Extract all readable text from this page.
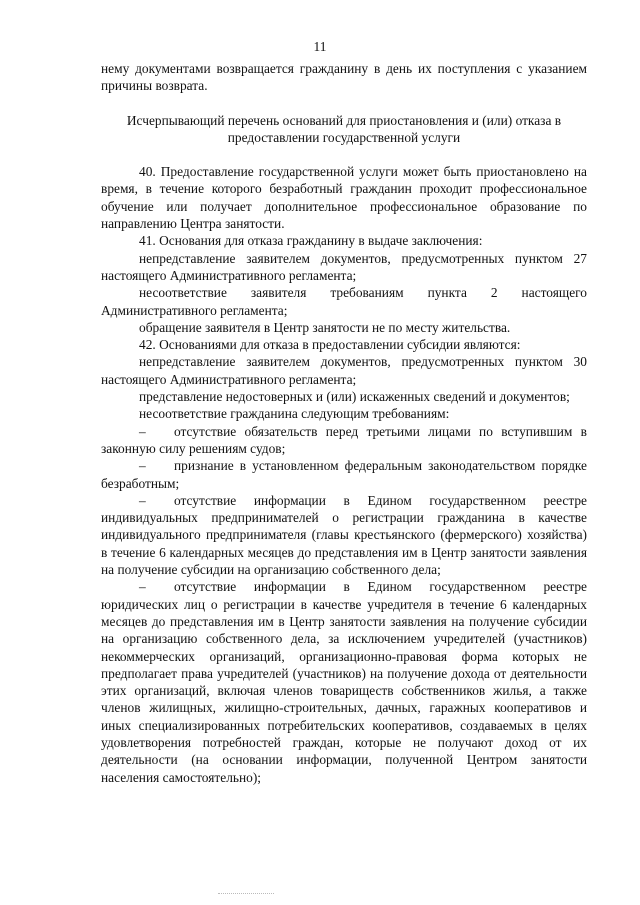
11

нему документами возвращается гражданину в день их поступления с указанием причины возврата.

Исчерпывающий перечень оснований для приостановления и (или) отказа в предоставлении государственной услуги

40. Предоставление государственной услуги может быть приостановлено на время, в течение которого безработный гражданин проходит профессиональное обучение или получает дополнительное профессиональное образование по направлению Центра занятости.

41. Основания для отказа гражданину в выдаче заключения:

непредставление заявителем документов, предусмотренных пунктом 27 настоящего Административного регламента;

несоответствие заявителя требованиям пункта 2 настоящего Административного регламента;

обращение заявителя в Центр занятости не по месту жительства.

42. Основаниями для отказа в предоставлении субсидии являются:

непредставление заявителем документов, предусмотренных пунктом 30 настоящего Административного регламента;

представление недостоверных и (или) искаженных сведений и документов;

несоответствие гражданина следующим требованиям:

– отсутствие обязательств перед третьими лицами по вступившим в законную силу решениям судов;

– признание в установленном федеральным законодательством порядке безработным;

– отсутствие информации в Едином государственном реестре индивидуальных предпринимателей о регистрации гражданина в качестве индивидуального предпринимателя (главы крестьянского (фермерского) хозяйства) в течение 6 календарных месяцев до представления им в Центр занятости заявления на получение субсидии на организацию собственного дела;

– отсутствие информации в Едином государственном реестре юридических лиц о регистрации в качестве учредителя в течение 6 календарных месяцев до представления им в Центр занятости заявления на получение субсидии на организацию собственного дела, за исключением учредителей (участников) некоммерческих организаций, организационно-правовая форма которых не предполагает права учредителей (участников) на получение дохода от деятельности этих организаций, включая членов товариществ собственников жилья, а также членов жилищных, жилищно-строительных, дачных, гаражных кооперативов и иных специализированных потребительских кооперативов, создаваемых в целях удовлетворения потребностей граждан, которые не получают доход от их деятельности (на основании информации, полученной Центром занятости населения самостоятельно);
